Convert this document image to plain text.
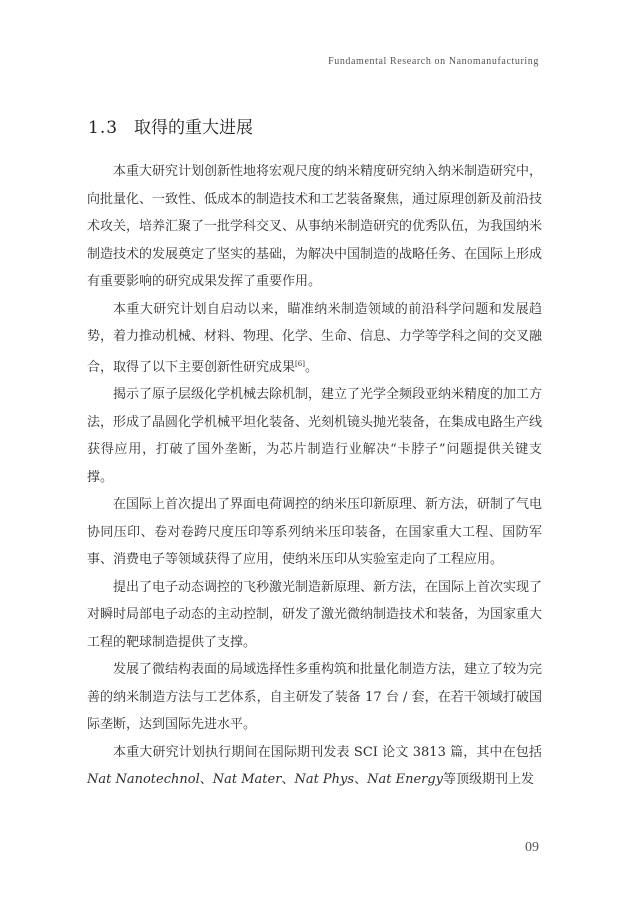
Fundamental Research on Nanomanufacturing
1.3 取得的重大进展

本重大研究计划创新性地将宏观尺度的纳米精度研究纳入纳米制造研究中，向批量化、一致性、低成本的制造技术和工艺装备聚焦，通过原理创新及前沿技术攻关，培养汇聚了一批学科交叉、从事纳米制造研究的优秀队伍，为我国纳米制造技术的发展奠定了坚实的基础，为解决中国制造的战略任务、在国际上形成有重要影响的研究成果发挥了重要作用。

本重大研究计划自启动以来，瞄准纳米制造领域的前沿科学问题和发展趋势，着力推动机械、材料、物理、化学、生命、信息、力学等学科之间的交叉融合，取得了以下主要创新性研究成果[6]。

揭示了原子层级化学机械去除机制，建立了光学全频段亚纳米精度的加工方法，形成了晶圆化学机械平坦化装备、光刻机镜头抛光装备，在集成电路生产线获得应用，打破了国外垄断，为芯片制造行业解决“卡脖子”问题提供关键支撑。

在国际上首次提出了界面电荷调控的纳米压印新原理、新方法，研制了气电协同压印、卷对卷跨尺度压印等系列纳米压印装备，在国家重大工程、国防军事、消费电子等领域获得了应用，使纳米压印从实验室走向了工程应用。

提出了电子动态调控的飞秒激光制造新原理、新方法，在国际上首次实现了对瞬时局部电子动态的主动控制，研发了激光微纳制造技术和装备，为国家重大工程的靶球制造提供了支撑。

发展了微结构表面的局域选择性多重构筑和批量化制造方法，建立了较为完善的纳米制造方法与工艺体系，自主研发了装备 17 台 / 套，在若干领域打破国际垄断，达到国际先进水平。

本重大研究计划执行期间在国际期刊发表 SCI 论文 3813 篇，其中在包括Nat Nanotechnol、Nat Mater、Nat Phys、Nat Energy等顶级期刊上发

09
